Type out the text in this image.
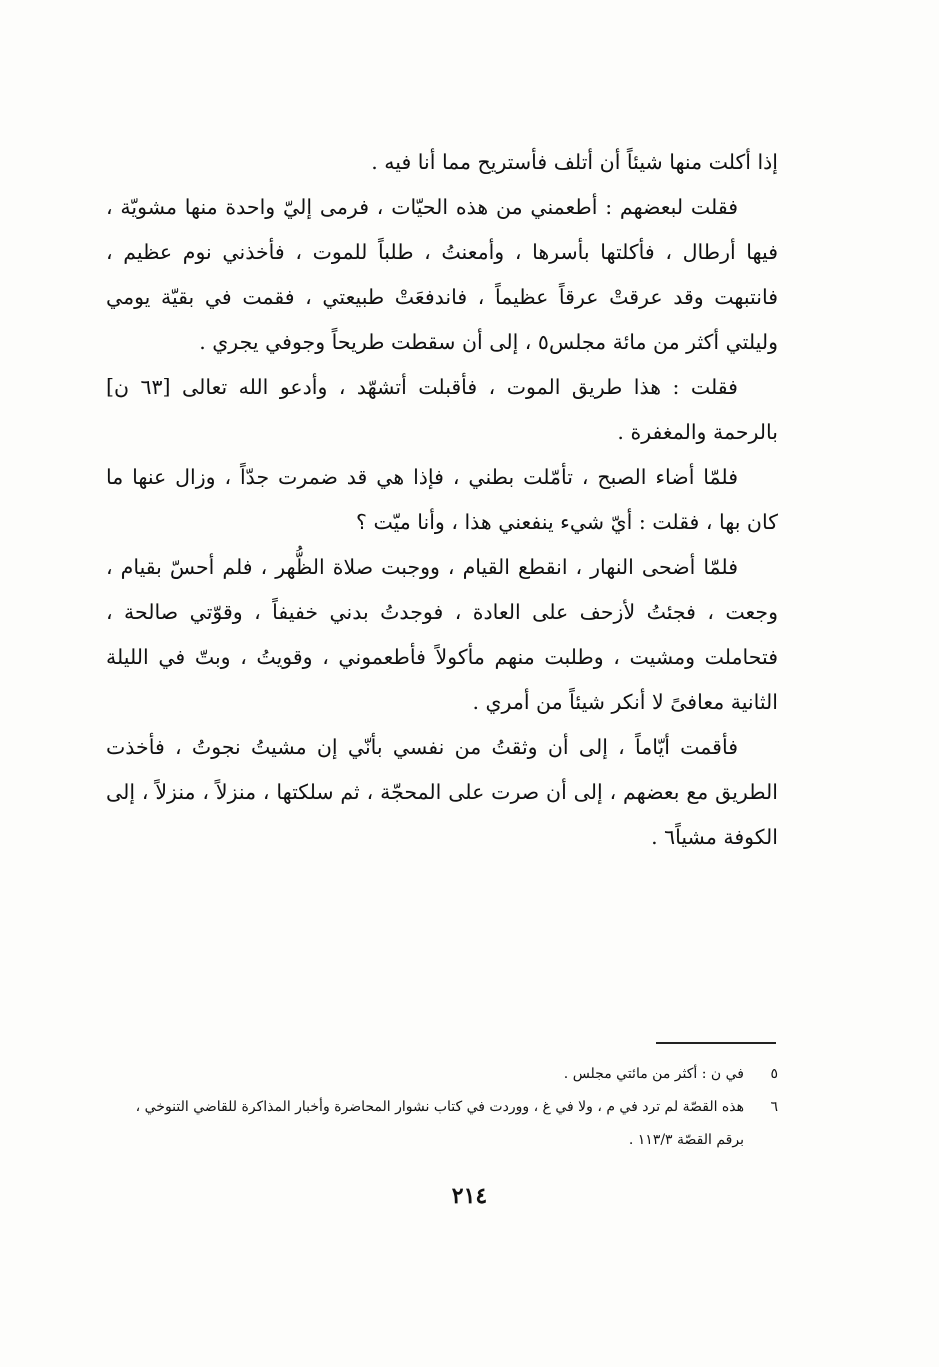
إذا أكلت منها شيئاً أن أتلف فأستريح مما أنا فيه .

فقلت لبعضهم : أطعمني من هذه الحيّات ، فرمى إليّ واحدة منها مشويّة ، فيها أرطال ، فأكلتها بأسرها ، وأمعنتُ ، طلباً للموت ، فأخذني نوم عظيم ، فانتبهت وقد عرقتْ عرقاً عظيماً ، فاندفعَتْ طبيعتي ، فقمت في بقيّة يومي وليلتي أكثر من مائة مجلس٥ ، إلى أن سقطت طريحاً وجوفي يجري .

فقلت : هذا طريق الموت ، فأقبلت أتشهّد ، وأدعو الله تعالى [٦٣ ن] بالرحمة والمغفرة .

فلمّا أضاء الصبح ، تأمّلت بطني ، فإذا هي قد ضمرت جدّاً ، وزال عنها ما كان بها ، فقلت : أيّ شيء ينفعني هذا ، وأنا ميّت ؟

فلمّا أضحى النهار ، انقطع القيام ، ووجبت صلاة الظُّهر ، فلم أحسّ بقيام ، وجعت ، فجئتُ لأزحف على العادة ، فوجدتُ بدني خفيفاً ، وقوّتي صالحة ، فتحاملت ومشيت ، وطلبت منهم مأكولاً فأطعموني ، وقويتُ ، وبتّ في الليلة الثانية معافىً لا أنكر شيئاً من أمري .

فأقمت أيّاماً ، إلى أن وثقتُ من نفسي بأنّي إن مشيتُ نجوتُ ، فأخذت الطريق مع بعضهم ، إلى أن صرت على المحجّة ، ثم سلكتها ، منزلاً ، منزلاً ، إلى الكوفة مشياً٦ .

٥في ن : أكثر من مائتي مجلس .

٦هذه القصّة لم ترد في م ، ولا في غ ، ووردت في كتاب نشوار المحاضرة وأخبار المذاكرة للقاضي التنوخي ،

برقم القصّة ١١٣/٣ .

٢١٤
